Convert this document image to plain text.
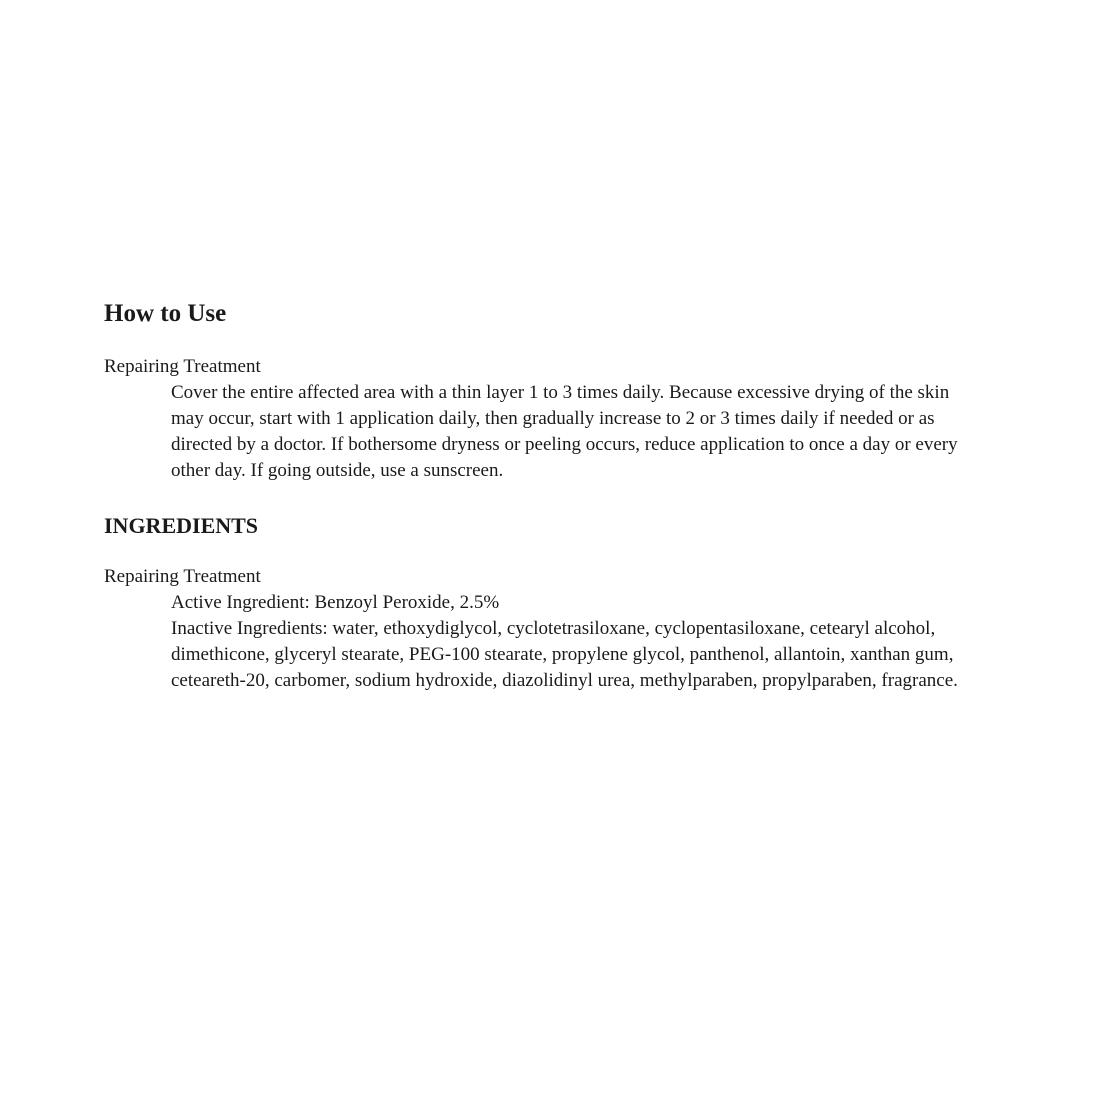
How to Use

Repairing Treatment

Cover the entire affected area with a thin layer 1 to 3 times daily. Because excessive drying of the skin may occur, start with 1 application daily, then gradually increase to 2 or 3 times daily if needed or as directed by a doctor. If bothersome dryness or peeling occurs, reduce application to once a day or every other day. If going outside, use a sunscreen.

INGREDIENTS

Repairing Treatment

Active Ingredient: Benzoyl Peroxide, 2.5%

Inactive Ingredients: water, ethoxydiglycol, cyclotetrasiloxane, cyclopentasiloxane, cetearyl alcohol, dimethicone, glyceryl stearate, PEG-100 stearate, propylene glycol, panthenol, allantoin, xanthan gum, ceteareth-20, carbomer, sodium hydroxide, diazolidinyl urea, methylparaben, propylparaben, fragrance.
